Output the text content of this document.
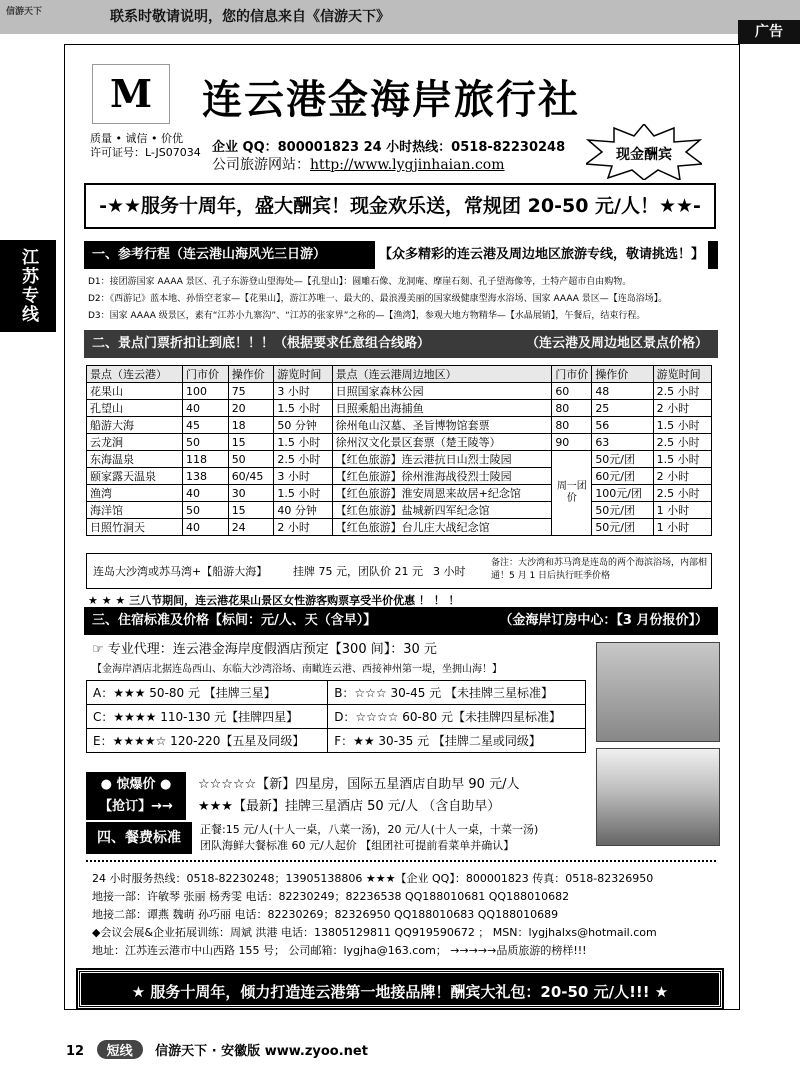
信游天下	联系时敬请说明，您的信息来自《信游天下》
广告
江苏专线
M
质量 • 诚信 • 价优
许可证号：L-JS07034
连云港金海岸旅行社
企业 QQ：800001823 24 小时热线：0518-82230248
公司旅游网站：http://www.lygjinhaian.com
现金酬宾
-★★服务十周年，盛大酬宾！现金欢乐送，常规团 20-50 元/人！★★-
一、参考行程（连云港山海风光三日游）	【众多精彩的连云港及周边地区旅游专线，敬请挑选！】
D1：接团游国家 AAAA 景区、孔子东游登山望海处—【孔望山】：圆雕石像、龙洞庵、摩崖石刻、孔子望海像等，土特产超市自由购物。
D2：《西游记》蓝本地、孙悟空老家—【花果山】，游江苏唯一、最大的、最浪漫美丽的国家级健康型海水浴场、国家 AAAA 景区—【连岛浴场】。
D3：国家 AAAA 级景区，素有“江苏小九寨沟”、“江苏的张家界”之称的—【渔湾】，参观大地方物精华—【水晶展销】，午餐后，结束行程。
二、景点门票折扣让到底！！！（根据要求任意组合线路）	（连云港及周边地区景点价格）
景点（连云港）	门市价	操作价	游览时间	景点（连云港周边地区）	门市价	操作价	游览时间
花果山	100	75	3 小时	日照国家森林公园	60	48	2.5 小时
孔望山	40	20	1.5 小时	日照乘船出海捕鱼	80	25	2 小时
船游大海	45	18	50 分钟	徐州龟山汉墓、圣旨博物馆套票	80	56	1.5 小时
云龙涧	50	15	1.5 小时	徐州汉文化景区套票（楚王陵等）	90	63	2.5 小时
东海温泉	118	50	2.5 小时	【红色旅游】连云港抗日山烈士陵园	周一团价	50元/团	1.5 小时
颐家露天温泉	138	60/45	3 小时	【红色旅游】徐州淮海战役烈士陵园		60元/团	2 小时
渔湾	40	30	1.5 小时	【红色旅游】淮安周恩来故居+纪念馆		100元/团	2.5 小时
海洋馆	50	15	40 分钟	【红色旅游】盐城新四军纪念馆		50元/团	1 小时
日照竹洞天	40	24	2 小时	【红色旅游】台儿庄大战纪念馆		50元/团	1 小时
连岛大沙湾或苏马湾+【船游大海】 挂牌 75 元，团队价 21 元 3 小时
备注：大沙湾和苏马湾是连岛的两个海滨浴场，内部相通！5 月 1 日后执行旺季价格
★ ★ ★ 三八节期间，连云港花果山景区女性游客购票享受半价优惠 ！ ！ ！
三、住宿标准及价格【标间：元/人、天（含早）】	（金海岸订房中心：【3 月份报价】）
☞ 专业代理：连云港金海岸度假酒店预定【300 间】：30 元
【金海岸酒店北据连岛西山、东临大沙湾浴场、南瞰连云港、西接神州第一堤，坐拥山海！】
A：★★★ 50-80 元 【挂牌三星】	B：☆☆☆ 30-45 元 【未挂牌三星标准】
C：★★★★ 110-130 元【挂牌四星】	D：☆☆☆☆ 60-80 元【未挂牌四星标准】
E：★★★★☆ 120-220【五星及同级】	F：★★ 30-35 元 【挂牌二星或同级】
● 惊爆价 ●
【抢订】→→
☆☆☆☆☆【新】四星房，国际五星酒店自助早 90 元/人
★★★【最新】挂牌三星酒店 50 元/人 （含自助早）
四、餐费标准
正餐:15 元/人(十人一桌，八菜一汤)，20 元/人(十人一桌，十菜一汤)
团队海鲜大餐标准 60 元/人起价 【组团社可提前看菜单并确认】
24 小时服务热线：0518-82230248；13905138806 ★★★【企业 QQ】：800001823 传真：0518-82326950
地接一部：许敏琴 张丽 杨秀雯 电话：82230249；82236538 QQ188010681 QQ188010682
地接二部：谭燕 魏萌 孙巧丽 电话：82230269；82326950 QQ188010683 QQ188010689
◆会议会展&企业拓展训练：周斌 洪港 电话：13805129811 QQ919590672 ； MSN：lygjhalxs@hotmail.com
地址：江苏连云港市中山西路 155 号； 公司邮箱：lygjha@163.com； →→→→→品质旅游的榜样!!!
★ 服务十周年，倾力打造连云港第一地接品牌！酬宾大礼包：20-50 元/人!!! ★
12 短线 信游天下 · 安徽版 www.zyoo.net
